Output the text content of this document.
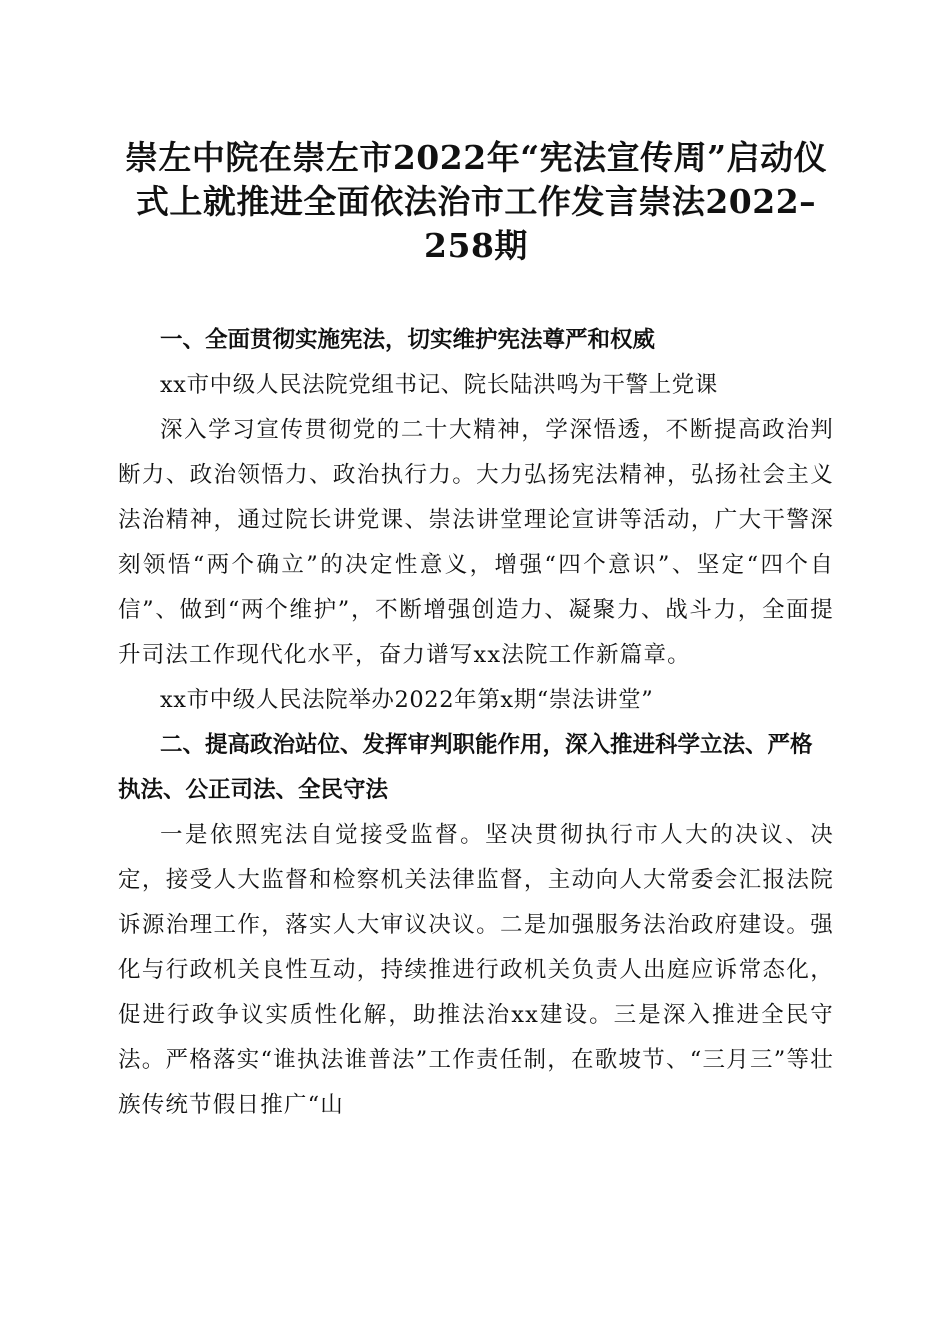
崇左中院在崇左市2022年“宪法宣传周”启动仪式上就推进全面依法治市工作发言崇法2022–258期

一、全面贯彻实施宪法，切实维护宪法尊严和权威

xx市中级人民法院党组书记、院长陆洪鸣为干警上党课

深入学习宣传贯彻党的二十大精神，学深悟透，不断提高政治判断力、政治领悟力、政治执行力。大力弘扬宪法精神，弘扬社会主义法治精神，通过院长讲党课、崇法讲堂理论宣讲等活动，广大干警深刻领悟“两个确立”的决定性意义，增强“四个意识”、坚定“四个自信”、做到“两个维护”，不断增强创造力、凝聚力、战斗力，全面提升司法工作现代化水平，奋力谱写xx法院工作新篇章。

xx市中级人民法院举办2022年第x期“崇法讲堂”

二、提高政治站位、发挥审判职能作用，深入推进科学立法、严格执法、公正司法、全民守法

一是依照宪法自觉接受监督。坚决贯彻执行市人大的决议、决定，接受人大监督和检察机关法律监督，主动向人大常委会汇报法院诉源治理工作，落实人大审议决议。二是加强服务法治政府建设。强化与行政机关良性互动，持续推进行政机关负责人出庭应诉常态化，促进行政争议实质性化解，助推法治xx建设。三是深入推进全民守法。严格落实“谁执法谁普法”工作责任制，在歌坡节、“三月三”等壮族传统节假日推广“山
